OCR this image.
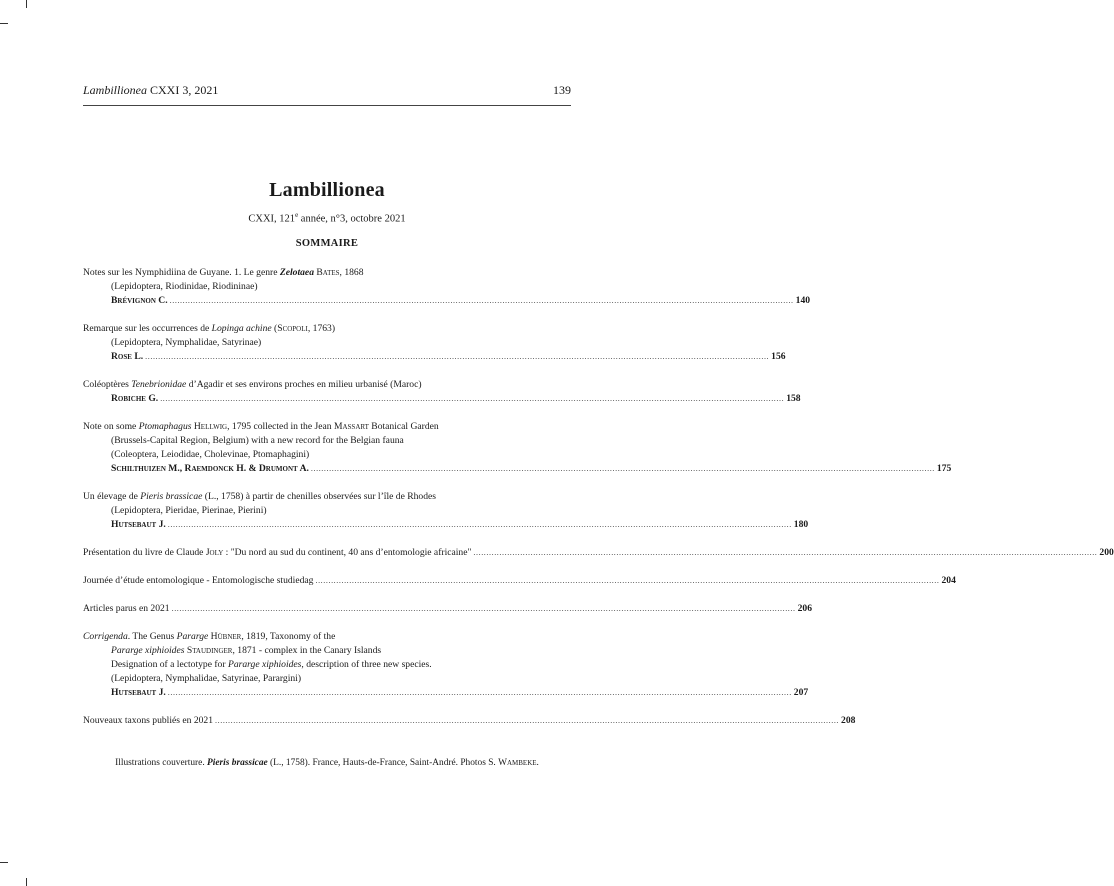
Lambillionea CXXI 3, 2021	139
Lambillionea
CXXI, 121e année, n°3, octobre 2021
SOMMAIRE
Notes sur les Nymphidiina de Guyane. 1. Le genre Zelotaea Bates, 1868
(Lepidoptera, Riodinidae, Riodininae)
Brévignon C. ................................................................................................................................................................................................................................................ 140
Remarque sur les occurrences de Lopinga achine (Scopoli, 1763)
(Lepidoptera, Nymphalidae, Satyrinae)
Rose L. ................................................................................................................................................................................................................................................ 156
Coléoptères Tenebrionidae d’Agadir et ses environs proches en milieu urbanisé (Maroc)
Robiche G. ................................................................................................................................................................................................................................................ 158
Note on some Ptomaphagus Hellwig, 1795 collected in the Jean Massart Botanical Garden
(Brussels-Capital Region, Belgium) with a new record for the Belgian fauna
(Coleoptera, Leiodidae, Cholevinae, Ptomaphagini)
Schilthuizen M., Raemdonck H. & Drumont A. ................................................................................................................................................................................................................................................ 175
Un élevage de Pieris brassicae (L., 1758) à partir de chenilles observées sur l’île de Rhodes
(Lepidoptera, Pieridae, Pierinae, Pierini)
Hutsebaut J. ................................................................................................................................................................................................................................................ 180
Présentation du livre de Claude Joly : "Du nord au sud du continent, 40 ans d’entomologie africaine" ................................................................................................................................................................................................................................................ 200
Journée d’étude entomologique - Entomologische studiedag ................................................................................................................................................................................................................................................ 204
Articles parus en 2021 ................................................................................................................................................................................................................................................ 206
Corrigenda. The Genus Pararge Hübner, 1819, Taxonomy of the
Pararge xiphioides Staudinger, 1871 - complex in the Canary Islands
Designation of a lectotype for Pararge xiphioides, description of three new species.
(Lepidoptera, Nymphalidae, Satyrinae, Parargini)
Hutsebaut J. ................................................................................................................................................................................................................................................ 207
Nouveaux taxons publiés en 2021 ................................................................................................................................................................................................................................................ 208
Illustrations couverture. Pieris brassicae (L., 1758). France, Hauts-de-France, Saint-André. Photos S. Wambeke.
